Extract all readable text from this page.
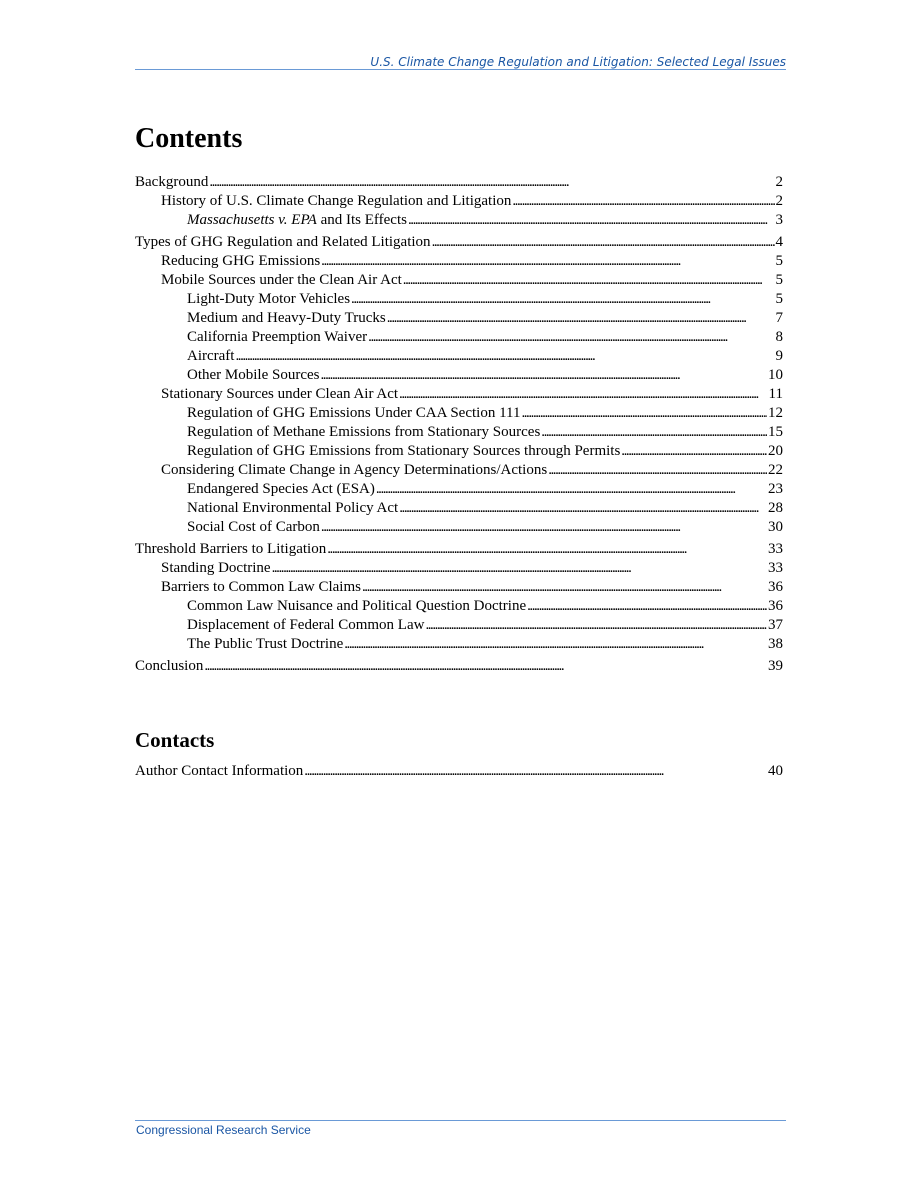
U.S. Climate Change Regulation and Litigation: Selected Legal Issues
Contents
Background . . .	2
History of U.S. Climate Change Regulation and Litigation . . .	2
Massachusetts v. EPA and Its Effects . . .	3
Types of GHG Regulation and Related Litigation . . .	4
Reducing GHG Emissions . . .	5
Mobile Sources under the Clean Air Act . . .	5
Light-Duty Motor Vehicles . . .	5
Medium and Heavy-Duty Trucks . . .	7
California Preemption Waiver . . .	8
Aircraft . . .	9
Other Mobile Sources . . .	10
Stationary Sources under Clean Air Act . . .	11
Regulation of GHG Emissions Under CAA Section 111 . . .	12
Regulation of Methane Emissions from Stationary Sources . . .	15
Regulation of GHG Emissions from Stationary Sources through Permits . . .	20
Considering Climate Change in Agency Determinations/Actions . . .	22
Endangered Species Act (ESA) . . .	23
National Environmental Policy Act . . .	28
Social Cost of Carbon . . .	30
Threshold Barriers to Litigation . . .	33
Standing Doctrine . . .	33
Barriers to Common Law Claims . . .	36
Common Law Nuisance and Political Question Doctrine . . .	36
Displacement of Federal Common Law . . .	37
The Public Trust Doctrine . . .	38
Conclusion . . .	39
Contacts
Author Contact Information . . .	40
Congressional Research Service
